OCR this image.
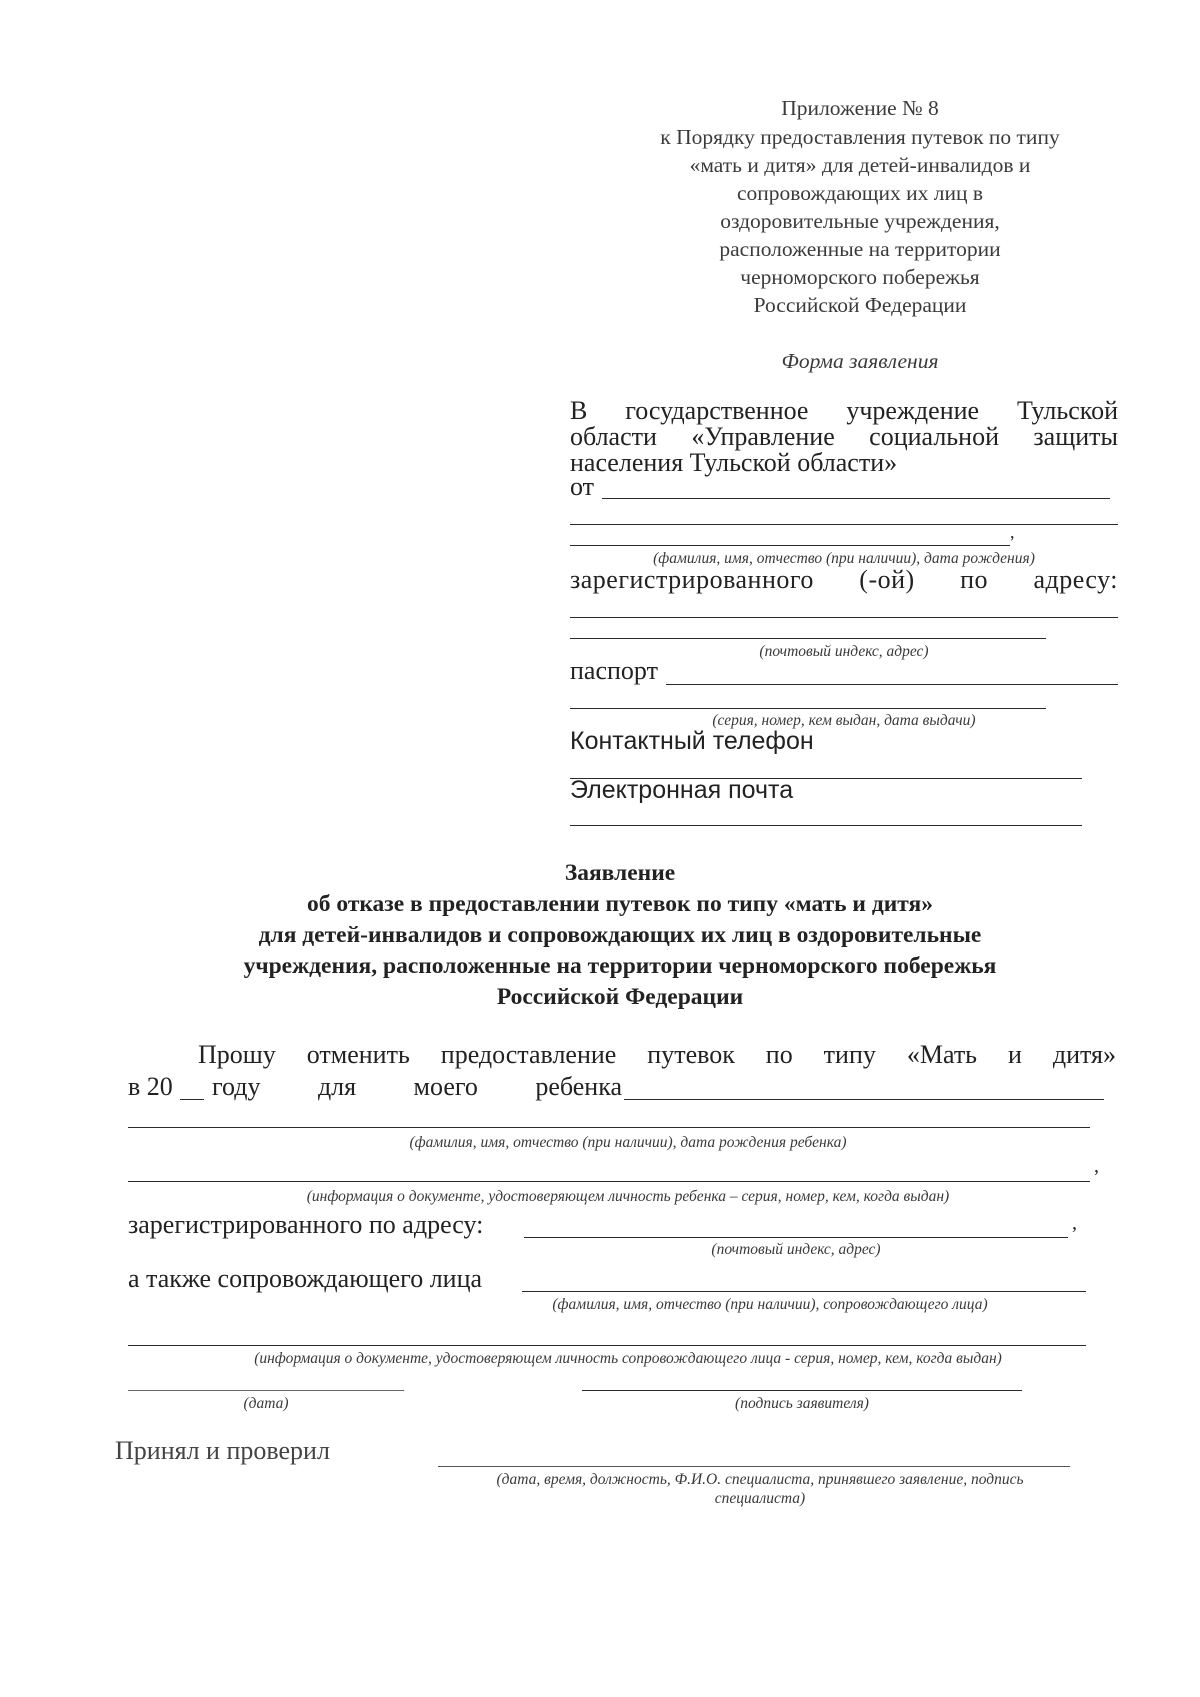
Приложение № 8
к Порядку предоставления путевок по типу
«мать и дитя» для детей-инвалидов и
сопровождающих их лиц в
оздоровительные учреждения,
расположенные на территории
черноморского побережья
Российской Федерации
Форма заявления
В государственное учреждение Тульской
области «Управление социальной защиты
населения Тульской области»
от
,
(фамилия, имя, отчество (при наличии), дата рождения)
зарегистрированного (-ой) по адресу:
(почтовый индекс, адрес)
паспорт
(серия, номер, кем выдан, дата выдачи)
Контактный телефон
Электронная почта
Заявление
об отказе в предоставлении путевок по типу «мать и дитя»
для детей-инвалидов и сопровождающих их лиц в оздоровительные
учреждения, расположенные на территории черноморского побережья
Российской Федерации
Прошу отменить предоставление путевок по типу «Мать и дитя»
в 20 году для моего ребенка
(фамилия, имя, отчество (при наличии), дата рождения ребенка)
,
(информация о документе, удостоверяющем личность ребенка – серия, номер, кем, когда выдан)
зарегистрированного по адресу:	,
(почтовый индекс, адрес)
а также сопровождающего лица
(фамилия, имя, отчество (при наличии), сопровождающего лица)
(информация о документе, удостоверяющем личность сопровождающего лица - серия, номер, кем, когда выдан)
(дата)	(подпись заявителя)
Принял и проверил
(дата, время, должность, Ф.И.О. специалиста, принявшего заявление, подпись
специалиста)
